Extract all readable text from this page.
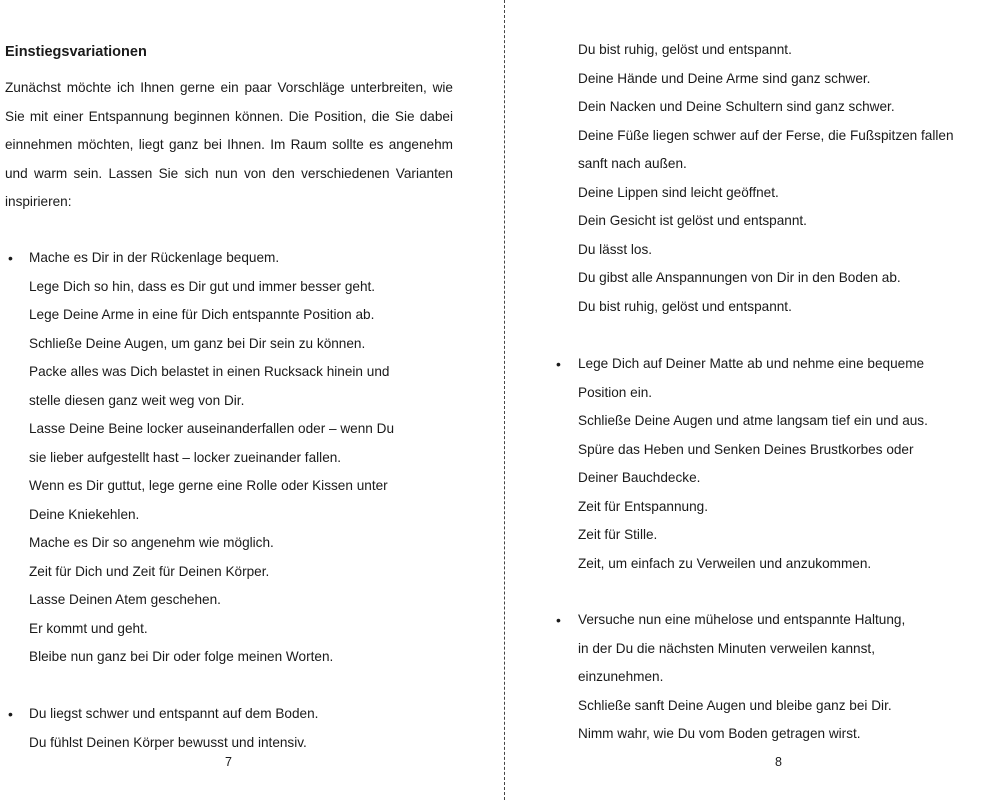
Einstiegsvariationen

Zunächst möchte ich Ihnen gerne ein paar Vorschläge unterbreiten, wie Sie mit einer Entspannung beginnen können. Die Position, die Sie dabei einnehmen möchten, liegt ganz bei Ihnen. Im Raum sollte es angenehm und warm sein. Lassen Sie sich nun von den verschiedenen Varianten inspirieren:

• Mache es Dir in der Rückenlage bequem.
Lege Dich so hin, dass es Dir gut und immer besser geht.
Lege Deine Arme in eine für Dich entspannte Position ab.
Schließe Deine Augen, um ganz bei Dir sein zu können.
Packe alles was Dich belastet in einen Rucksack hinein und
stelle diesen ganz weit weg von Dir.
Lasse Deine Beine locker auseinanderfallen oder – wenn Du
sie lieber aufgestellt hast – locker zueinander fallen.
Wenn es Dir guttut, lege gerne eine Rolle oder Kissen unter
Deine Kniekehlen.
Mache es Dir so angenehm wie möglich.
Zeit für Dich und Zeit für Deinen Körper.
Lasse Deinen Atem geschehen.
Er kommt und geht.
Bleibe nun ganz bei Dir oder folge meinen Worten.
• Du liegst schwer und entspannt auf dem Boden.
Du fühlst Deinen Körper bewusst und intensiv.
7
Du bist ruhig, gelöst und entspannt.
Deine Hände und Deine Arme sind ganz schwer.
Dein Nacken und Deine Schultern sind ganz schwer.
Deine Füße liegen schwer auf der Ferse, die Fußspitzen fallen
sanft nach außen.
Deine Lippen sind leicht geöffnet.
Dein Gesicht ist gelöst und entspannt.
Du lässt los.
Du gibst alle Anspannungen von Dir in den Boden ab.
Du bist ruhig, gelöst und entspannt.
• Lege Dich auf Deiner Matte ab und nehme eine bequeme
Position ein.
Schließe Deine Augen und atme langsam tief ein und aus.
Spüre das Heben und Senken Deines Brustkorbes oder
Deiner Bauchdecke.
Zeit für Entspannung.
Zeit für Stille.
Zeit, um einfach zu Verweilen und anzukommen.
• Versuche nun eine mühelose und entspannte Haltung,
in der Du die nächsten Minuten verweilen kannst,
einzunehmen.
Schließe sanft Deine Augen und bleibe ganz bei Dir.
Nimm wahr, wie Du vom Boden getragen wirst.
8
